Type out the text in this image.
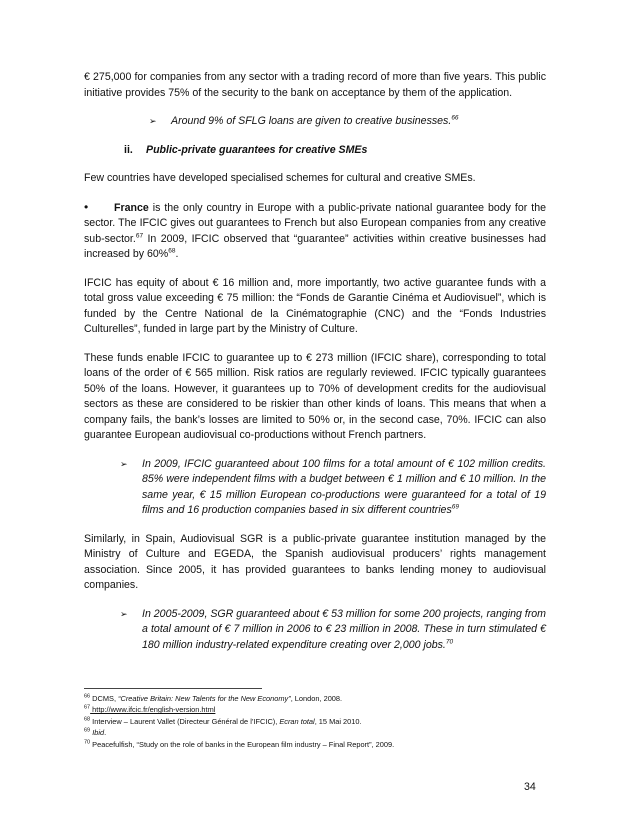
€ 275,000 for companies from any sector with a trading record of more than five years. This public initiative provides 75% of the security to the bank on acceptance by them of the application.

➢	Around 9% of SFLG loans are given to creative businesses.$^{66}$
ii. Public-private guarantees for creative SMEs

Few countries have developed specialised schemes for cultural and creative SMEs.

• France is the only country in Europe with a public-private national guarantee body for the sector. The IFCIC gives out guarantees to French but also European companies from any creative sub-sector.$^{67}$ In 2009, IFCIC observed that “guarantee” activities within creative businesses had increased by 60%$^{68}$.

IFCIC has equity of about € 16 million and, more importantly, two active guarantee funds with a total gross value exceeding € 75 million: the “Fonds de Garantie Cinéma et Audiovisuel”, which is funded by the Centre National de la Cinématographie (CNC) and the “Fonds Industries Culturelles”, funded in large part by the Ministry of Culture.

These funds enable IFCIC to guarantee up to € 273 million (IFCIC share), corresponding to total loans of the order of € 565 million. Risk ratios are regularly reviewed. IFCIC typically guarantees 50% of the loans. However, it guarantees up to 70% of development credits for the audiovisual sectors as these are considered to be riskier than other kinds of loans. This means that when a company fails, the bank’s losses are limited to 50% or, in the second case, 70%. IFCIC can also guarantee European audiovisual co-productions without French partners.

➢	In 2009, IFCIC guaranteed about 100 films for a total amount of € 102 million credits. 85% were independent films with a budget between € 1 million and € 10 million. In the same year, € 15 million European co-productions were guaranteed for a total of 19 films and 16 production companies based in six different countries$^{69}$

Similarly, in Spain, Audiovisual SGR is a public-private guarantee institution managed by the Ministry of Culture and EGEDA, the Spanish audiovisual producers’ rights management association. Since 2005, it has provided guarantees to banks lending money to audiovisual companies.

➢	In 2005-2009, SGR guaranteed about € 53 million for some 200 projects, ranging from a total amount of € 7 million in 2006 to € 23 million in 2008. These in turn stimulated € 180 million industry-related expenditure creating over 2,000 jobs.$^{70}$
$^{66}$ DCMS, “Creative Britain: New Talents for the New Economy”, London, 2008.
$^{67}$ http://www.ifcic.fr/english-version.html
$^{68}$ Interview – Laurent Vallet (Directeur Général de l’IFCIC), Ecran total, 15 Mai 2010.
$^{69}$ Ibid.
$^{70}$ Peacefulfish, “Study on the role of banks in the European film industry – Final Report”, 2009.
34
